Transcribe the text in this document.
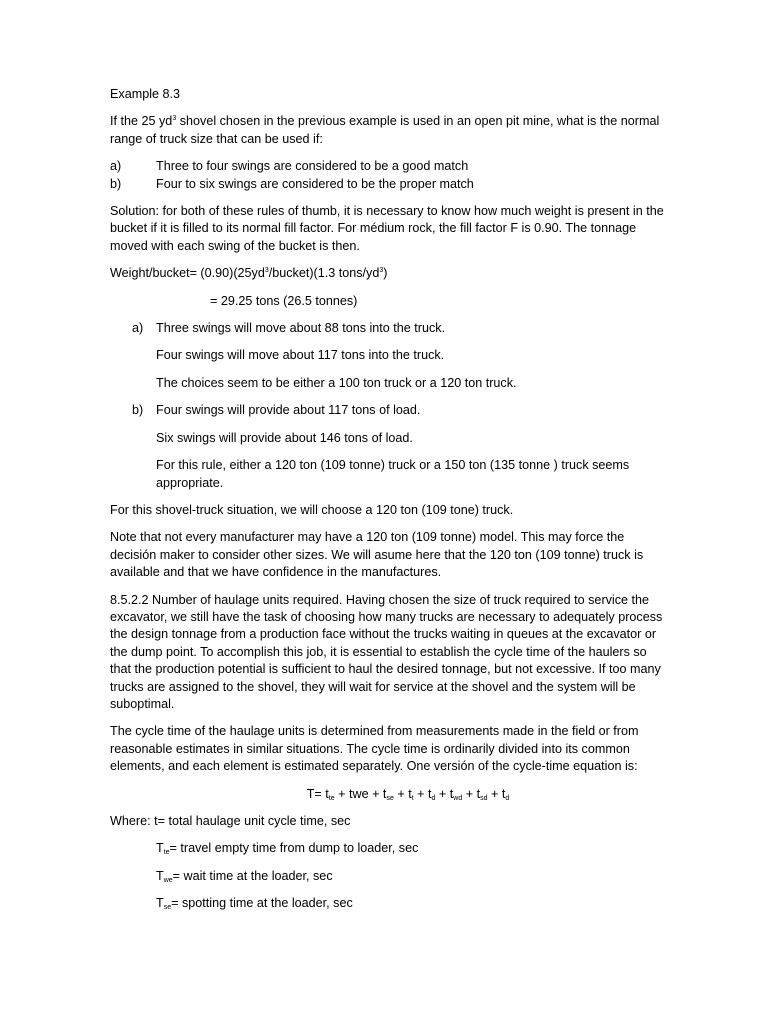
Example 8.3

If the 25 $yd^3$ shovel chosen in the previous example is used in an open pit mine, what is the normal range of truck size that can be used if:

a)	Three to four swings are considered to be a good match
b)	Four to six swings are considered to be the proper match

Solution: for both of these rules of thumb, it is necessary to know how much weight is present in the bucket if it is filled to its normal fill factor. For médium rock, the fill factor F is 0.90. The tonnage moved with each swing of the bucket is then.

Weight/bucket= $(0.90)(25yd^3/bucket)(1.3$ tons/$yd^3$)

= 29.25 tons (26.5 tonnes)

a)	Three swings will move about 88 tons into the truck.

Four swings will move about 117 tons into the truck.

The choices seem to be either a 100 ton truck or a 120 ton truck.

b)	Four swings will provide about 117 tons of load.

Six swings will provide about 146 tons of load.

For this rule, either a 120 ton (109 tonne) truck or a 150 ton (135 tonne ) truck seems appropriate.

For this shovel-truck situation, we will choose a 120 ton (109 tone) truck.

Note that not every manufacturer may have a 120 ton (109 tonne) model. This may force the decisión maker to consider other sizes. We will asume here that the 120 ton (109 tonne) truck is available and that we have confidence in the manufactures.

8.5.2.2 Number of haulage units required. Having chosen the size of truck required to service the excavator, we still have the task of choosing how many trucks are necessary to adequately process the design tonnage from a production face without the trucks waiting in queues at the excavator or the dump point. To accomplish this job, it is essential to establish the cycle time of the haulers so that the production potential is sufficient to haul the desired tonnage, but not excessive. If too many trucks are assigned to the shovel, they will wait for service at the shovel and the system will be suboptimal.

The cycle time of the haulage units is determined from measurements made in the field or from reasonable estimates in similar situations. The cycle time is ordinarily divided into its common elements, and each element is estimated separately. One versión of the cycle-time equation is:

$T= t_{te}$ + twe + $t_{se} + t_t + t_d + t_{wd} + t_{sd} + t_d$

Where: t= total haulage unit cycle time, sec

$T_{te}=$ travel empty time from dump to loader, sec

$T_{we}=$ wait time at the loader, sec

$T_{se}=$ spotting time at the loader, sec
